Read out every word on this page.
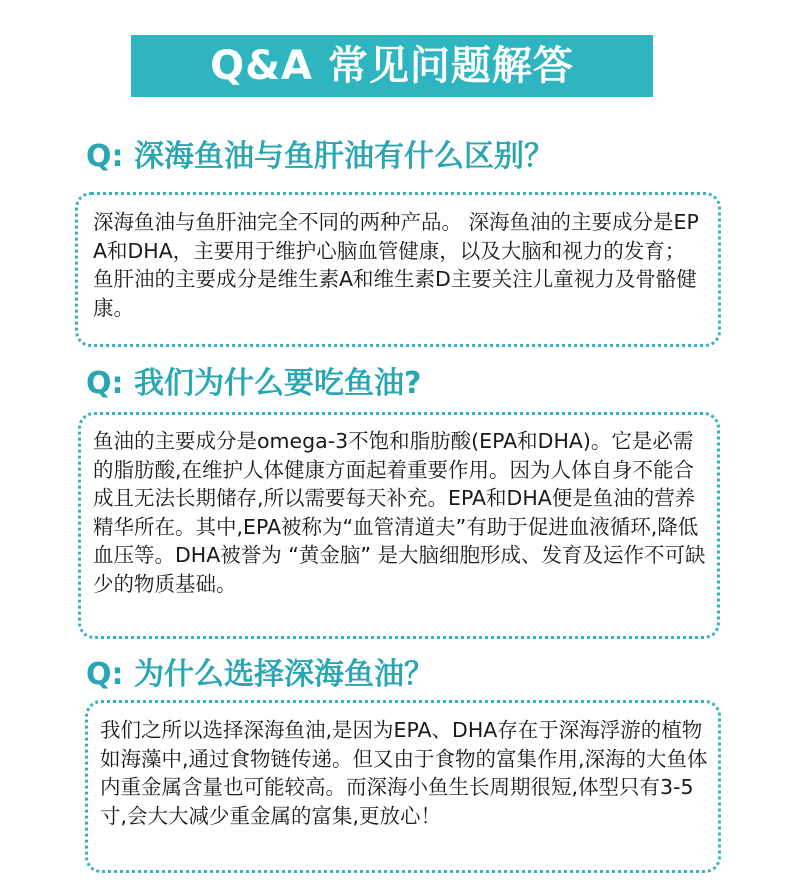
Q&A 常见问题解答
Q: 深海鱼油与鱼肝油有什么区别？

深海鱼油与鱼肝油完全不同的两种产品。 深海鱼油的主要成分是EPA和DHA，主要用于维护心脑血管健康，以及大脑和视力的发育； 鱼肝油的主要成分是维生素A和维生素D主要关注儿童视力及骨骼健康。

Q: 我们为什么要吃鱼油?

鱼油的主要成分是omega-3不饱和脂肪酸(EPA和DHA)。它是必需的脂肪酸,在维护人体健康方面起着重要作用。因为人体自身不能合成且无法长期储存,所以需要每天补充。EPA和DHA便是鱼油的营养精华所在。其中,EPA被称为“血管清道夫”有助于促进血液循环,降低血压等。DHA被誉为 “黄金脑” 是大脑细胞形成、发育及运作不可缺少的物质基础。

Q: 为什么选择深海鱼油？

我们之所以选择深海鱼油,是因为EPA、DHA存在于深海浮游的植物如海藻中,通过食物链传递。但又由于食物的富集作用,深海的大鱼体内重金属含量也可能较高。而深海小鱼生长周期很短,体型只有3-5寸,会大大减少重金属的富集,更放心！
